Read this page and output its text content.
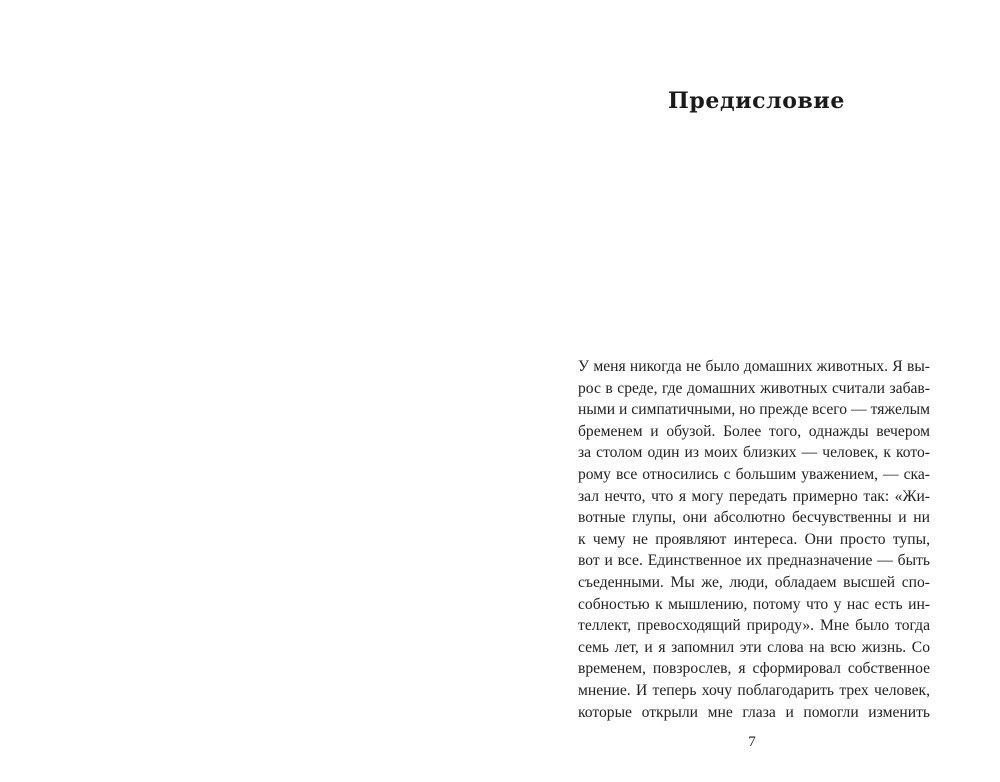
Предисловие
У меня никогда не было домашних животных. Я вы-
рос в среде, где домашних животных считали забав-
ными и симпатичными, но прежде всего — тяжелым
бременем и обузой. Более того, однажды вечером
за столом один из моих близких — человек, к кото-
рому все относились с большим уважением, — ска-
зал нечто, что я могу передать примерно так: «Жи-
вотные глупы, они абсолютно бесчувственны и ни
к чему не проявляют интереса. Они просто тупы,
вот и все. Единственное их предназначение — быть
съеденными. Мы же, люди, обладаем высшей спо-
собностью к мышлению, потому что у нас есть ин-
теллект, превосходящий природу». Мне было тогда
семь лет, и я запомнил эти слова на всю жизнь. Со
временем, повзрослев, я сформировал собственное
мнение. И теперь хочу поблагодарить трех человек,
которые открыли мне глаза и помогли изменить
7
